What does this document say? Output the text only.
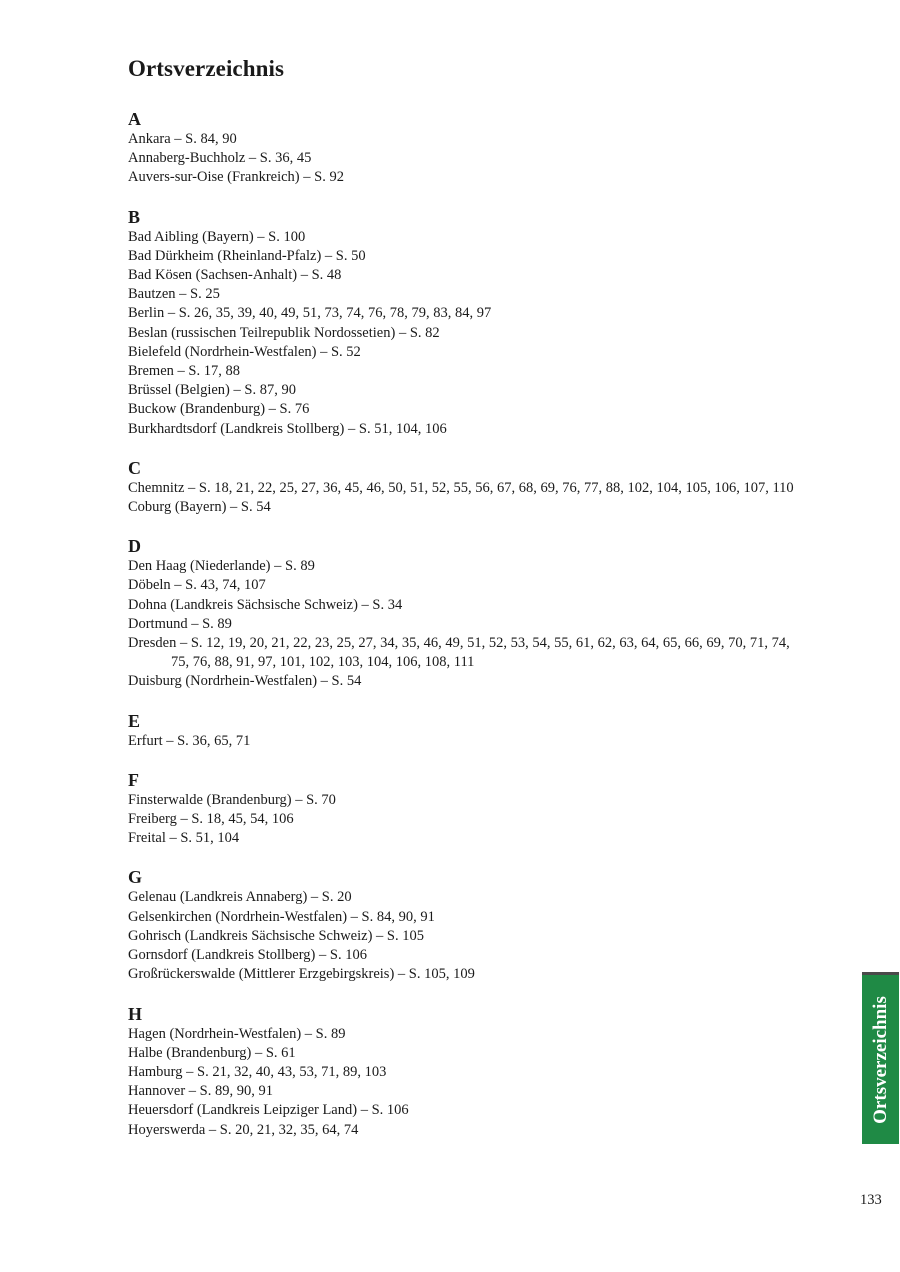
Ortsverzeichnis
A
Ankara – S. 84, 90
Annaberg-Buchholz – S. 36, 45
Auvers-sur-Oise (Frankreich) – S. 92
B
Bad Aibling (Bayern) – S. 100
Bad Dürkheim (Rheinland-Pfalz) – S. 50
Bad Kösen (Sachsen-Anhalt) – S. 48
Bautzen – S. 25
Berlin – S. 26, 35, 39, 40, 49, 51, 73, 74, 76, 78, 79, 83, 84, 97
Beslan (russischen Teilrepublik Nordossetien) – S. 82
Bielefeld (Nordrhein-Westfalen) – S. 52
Bremen – S. 17, 88
Brüssel (Belgien) – S. 87, 90
Buckow (Brandenburg) – S. 76
Burkhardtsdorf (Landkreis Stollberg) – S. 51, 104, 106
C
Chemnitz – S. 18, 21, 22, 25, 27, 36, 45, 46, 50, 51, 52, 55, 56, 67, 68, 69, 76, 77, 88, 102, 104, 105, 106, 107, 110
Coburg (Bayern) – S. 54
D
Den Haag (Niederlande) – S. 89
Döbeln – S. 43, 74, 107
Dohna (Landkreis Sächsische Schweiz) – S. 34
Dortmund – S. 89
Dresden – S. 12, 19, 20, 21, 22, 23, 25, 27, 34, 35, 46, 49, 51, 52, 53, 54, 55, 61, 62, 63, 64, 65, 66, 69, 70, 71, 74,
75, 76, 88, 91, 97, 101, 102, 103, 104, 106, 108, 111
Duisburg (Nordrhein-Westfalen) – S. 54
E
Erfurt – S. 36, 65, 71
F
Finsterwalde (Brandenburg) – S. 70
Freiberg – S. 18, 45, 54, 106
Freital – S. 51, 104
G
Gelenau (Landkreis Annaberg) – S. 20
Gelsenkirchen (Nordrhein-Westfalen) – S. 84, 90, 91
Gohrisch (Landkreis Sächsische Schweiz) – S. 105
Gornsdorf (Landkreis Stollberg) – S. 106
Großrückerswalde (Mittlerer Erzgebirgskreis) – S. 105, 109
H
Hagen (Nordrhein-Westfalen) – S. 89
Halbe (Brandenburg) – S. 61
Hamburg – S. 21, 32, 40, 43, 53, 71, 89, 103
Hannover – S. 89, 90, 91
Heuersdorf (Landkreis Leipziger Land) – S. 106
Hoyerswerda – S. 20, 21, 32, 35, 64, 74
Ortsverzeichnis
133
